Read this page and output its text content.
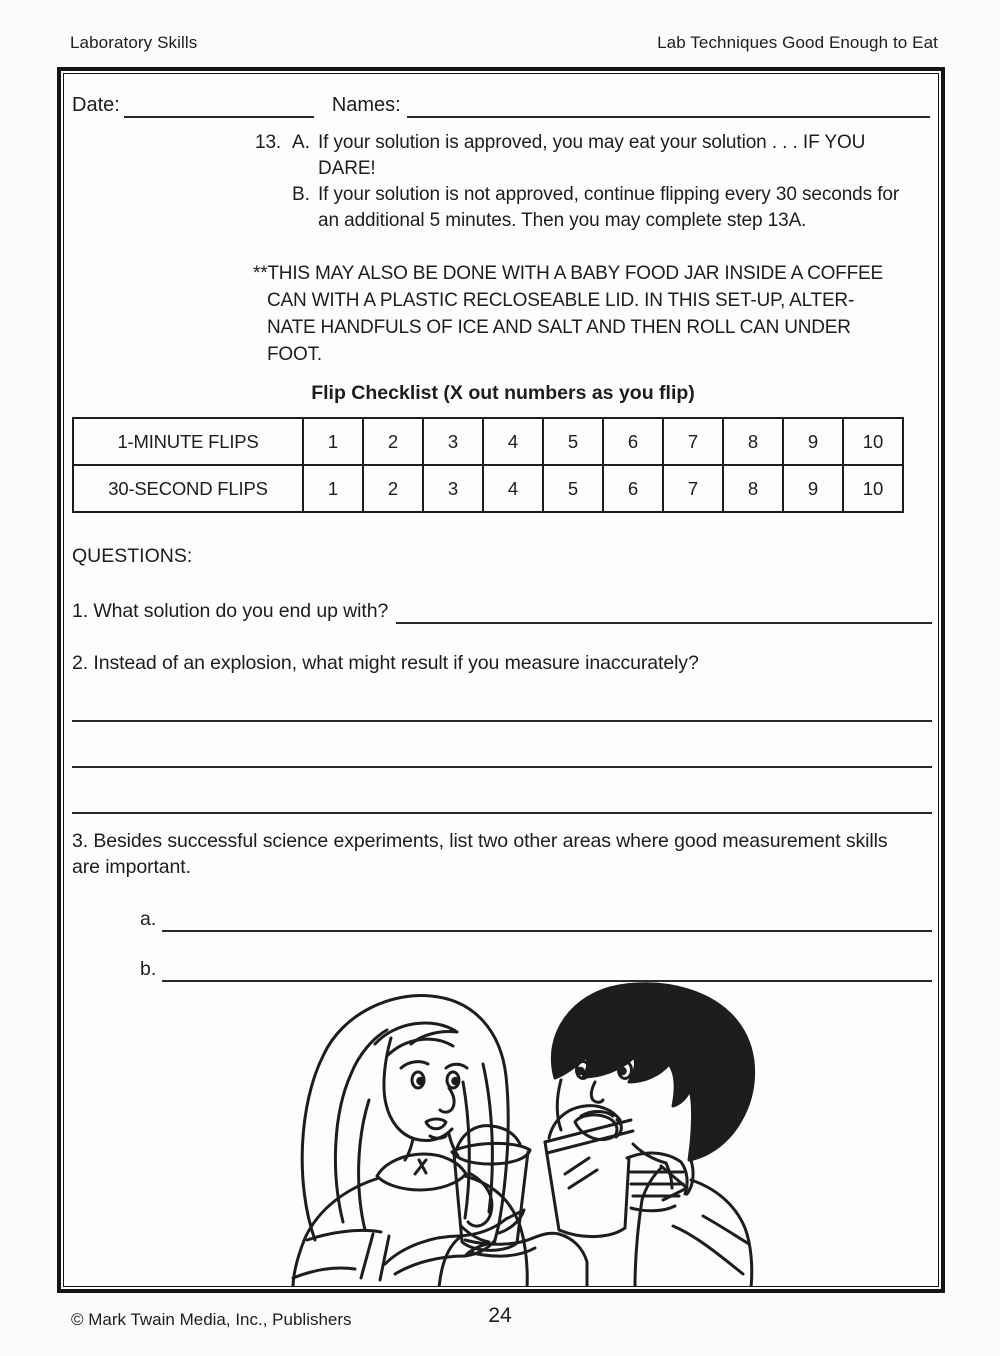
Laboratory Skills	Lab Techniques Good Enough to Eat
Date:	Names:
13. A. If your solution is approved, you may eat your solution . . . IF YOU
DARE!
B. If your solution is not approved, continue flipping every 30 seconds for
an additional 5 minutes. Then you may complete step 13A.
**THIS MAY ALSO BE DONE WITH A BABY FOOD JAR INSIDE A COFFEE
CAN WITH A PLASTIC RECLOSEABLE LID. IN THIS SET-UP, ALTER-
NATE HANDFULS OF ICE AND SALT AND THEN ROLL CAN UNDER
FOOT.
Flip Checklist (X out numbers as you flip)
1-MINUTE FLIPS	1	2	3	4	5	6	7	8	9	10
30-SECOND FLIPS	1	2	3	4	5	6	7	8	9	10
QUESTIONS:
1. What solution do you end up with?
2. Instead of an explosion, what might result if you measure inaccurately?
3. Besides successful science experiments, list two other areas where good measurement skills
are important.
a.
b.
24
© Mark Twain Media, Inc., Publishers
